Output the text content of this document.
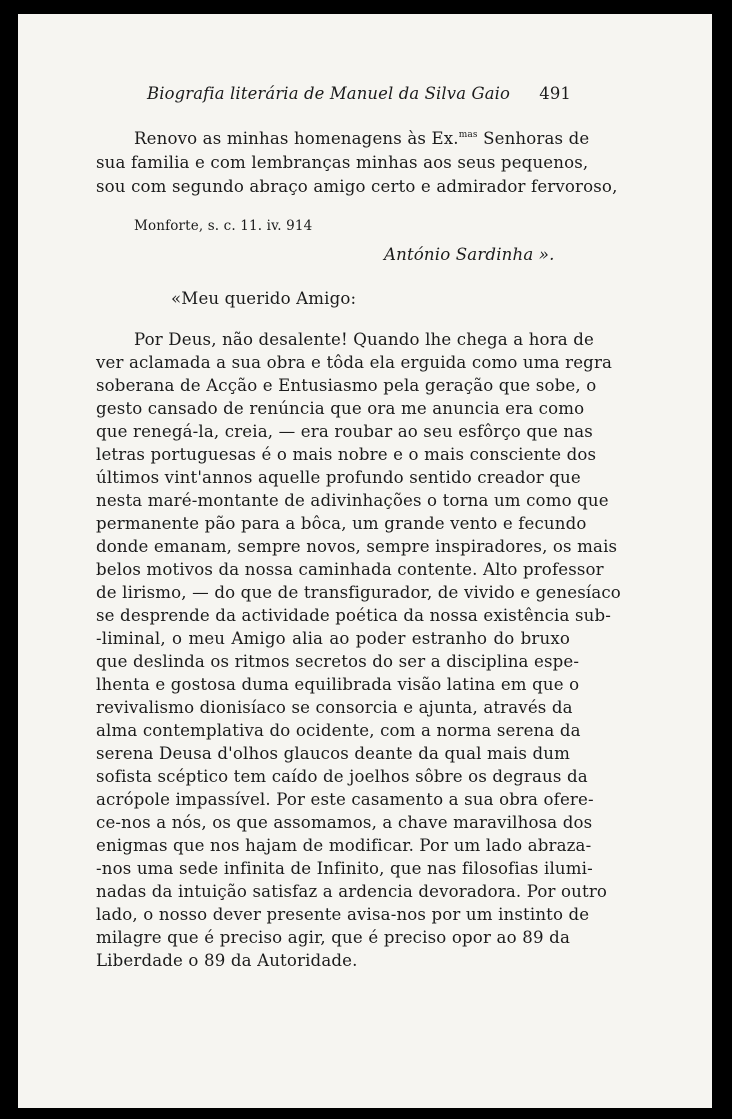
Biografia literária de Manuel da Silva Gaio 491
Renovo as minhas homenagens às Ex.$^{mas}$ Senhoras de
sua familia e com lembranças minhas aos seus pequenos,
sou com segundo abraço amigo certo e admirador fervoroso,
Monforte, s. c. 11. iv. 914
António Sardinha ».
«Meu querido Amigo:
Por Deus, não desalente! Quando lhe chega a hora de
ver aclamada a sua obra e tôda ela erguida como uma regra
soberana de Acção e Entusiasmo pela geração que sobe, o
gesto cansado de renúncia que ora me anuncia era como
que renegá-la, creia, — era roubar ao seu esfôrço que nas
letras portuguesas é o mais nobre e o mais consciente dos
últimos vint'annos aquelle profundo sentido creador que
nesta maré-montante de adivinhações o torna um como que
permanente pão para a bôca, um grande vento e fecundo
donde emanam, sempre novos, sempre inspiradores, os mais
belos motivos da nossa caminhada contente. Alto professor
de lirismo, — do que de transfigurador, de vivido e genesíaco
se desprende da actividade poética da nossa existência sub-
-liminal, o meu Amigo alia ao poder estranho do bruxo
que deslinda os ritmos secretos do ser a disciplina espe-
lhenta e gostosa duma equilibrada visão latina em que o
revivalismo dionisíaco se consorcia e ajunta, através da
alma contemplativa do ocidente, com a norma serena da
serena Deusa d'olhos glaucos deante da qual mais dum
sofista scéptico tem caído de joelhos sôbre os degraus da
acrópole impassível. Por este casamento a sua obra ofere-
ce-nos a nós, os que assomamos, a chave maravilhosa dos
enigmas que nos hajam de modificar. Por um lado abraza-
-nos uma sede infinita de Infinito, que nas filosofias ilumi-
nadas da intuição satisfaz a ardencia devoradora. Por outro
lado, o nosso dever presente avisa-nos por um instinto de
milagre que é preciso agir, que é preciso opor ao 89 da
Liberdade o 89 da Autoridade.
